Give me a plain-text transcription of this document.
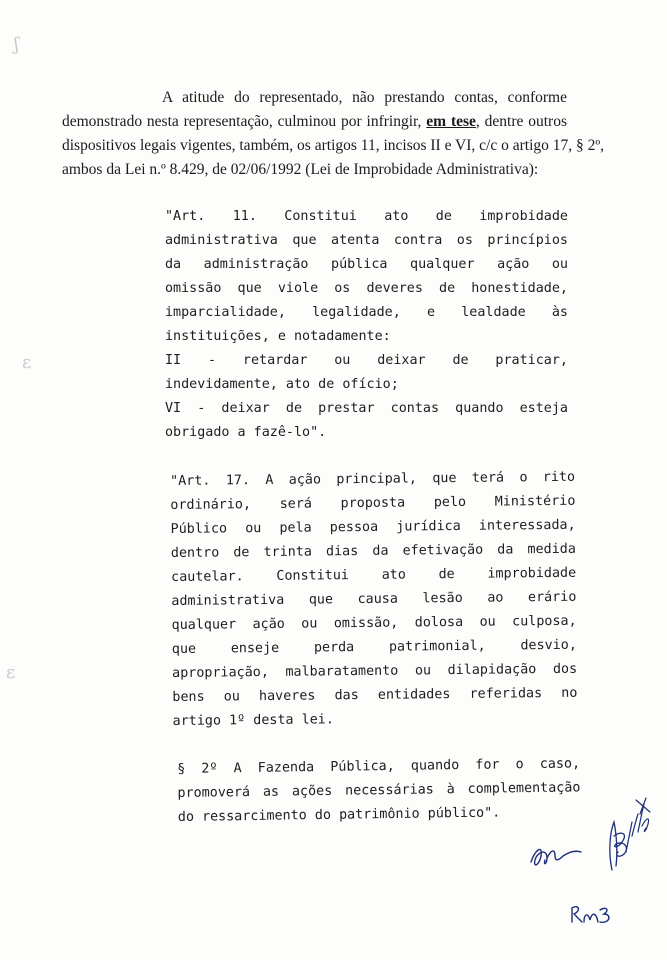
ʃ
ɛ
ɛ
A atitude do representado, não prestando contas, conforme
demonstrado nesta representação, culminou por infringir, em tese, dentre outros
dispositivos legais vigentes, também, os artigos 11, incisos II e VI, c/c o artigo 17, § 2º,
ambos da Lei n.º 8.429, de 02/06/1992 (Lei de Improbidade Administrativa):
"Art. 11. Constitui ato de improbidade
administrativa que atenta contra os princípios
da administração pública qualquer ação ou
omissão que viole os deveres de honestidade,
imparcialidade, legalidade, e lealdade às
instituições, e notadamente:
II - retardar ou deixar de praticar,
indevidamente, ato de ofício;
VI - deixar de prestar contas quando esteja
obrigado a fazê-lo".
"Art. 17. A ação principal, que terá o rito
ordinário, será proposta pelo Ministério
Público ou pela pessoa jurídica interessada,
dentro de trinta dias da efetivação da medida
cautelar. Constitui ato de improbidade
administrativa que causa lesão ao erário
qualquer ação ou omissão, dolosa ou culposa,
que enseje perda patrimonial, desvio,
apropriação, malbaratamento ou dilapidação dos
bens ou haveres das entidades referidas no
artigo 1º desta lei.
§ 2º A Fazenda Pública, quando for o caso,
promoverá as ações necessárias à complementação
do ressarcimento do patrimônio público".
